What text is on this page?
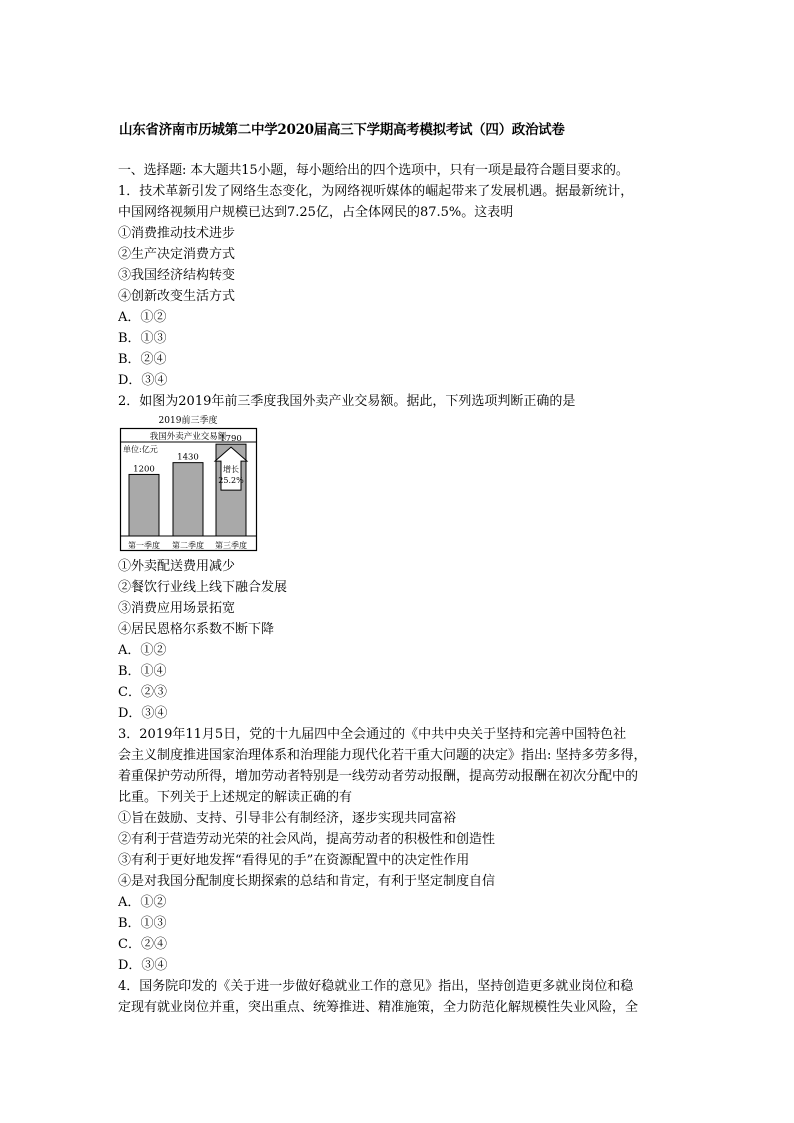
山东省济南市历城第二中学2020届高三下学期高考模拟考试（四）政治试卷
一、选择题: 本大题共15小题，每小题给出的四个选项中，只有一项是最符合题目要求的。
1．技术革新引发了网络生态变化，为网络视听媒体的崛起带来了发展机遇。据最新统计，
中国网络视频用户规模已达到7.25亿，占全体网民的87.5%。这表明
①消费推动技术进步
②生产决定消费方式
③我国经济结构转变
④创新改变生活方式
A．①②
B．①③
B．②④
D．③④
2．如图为2019年前三季度我国外卖产业交易额。据此，下列选项判断正确的是
2019前三季度
我国外卖产业交易额
单位:亿元
1200
第一季度
1430
第二季度
1790
第三季度
增长
25.2%
①外卖配送费用减少
②餐饮行业线上线下融合发展
③消费应用场景拓宽
④居民恩格尔系数不断下降
A．①②
B．①④
C．②③
D．③④
3．2019年11月5日，党的十九届四中全会通过的《中共中央关于坚持和完善中国特色社
会主义制度推进国家治理体系和治理能力现代化若干重大问题的决定》指出: 坚持多劳多得，
着重保护劳动所得，增加劳动者特别是一线劳动者劳动报酬，提高劳动报酬在初次分配中的
比重。下列关于上述规定的解读正确的有
①旨在鼓励、支持、引导非公有制经济，逐步实现共同富裕
②有利于营造劳动光荣的社会风尚，提高劳动者的积极性和创造性
③有利于更好地发挥“看得见的手”在资源配置中的决定性作用
④是对我国分配制度长期探索的总结和肯定，有利于坚定制度自信
A．①②
B．①③
C．②④
D．③④
4．国务院印发的《关于进一步做好稳就业工作的意见》指出，坚持创造更多就业岗位和稳
定现有就业岗位并重，突出重点、统筹推进、精准施策，全力防范化解规模性失业风险，全
